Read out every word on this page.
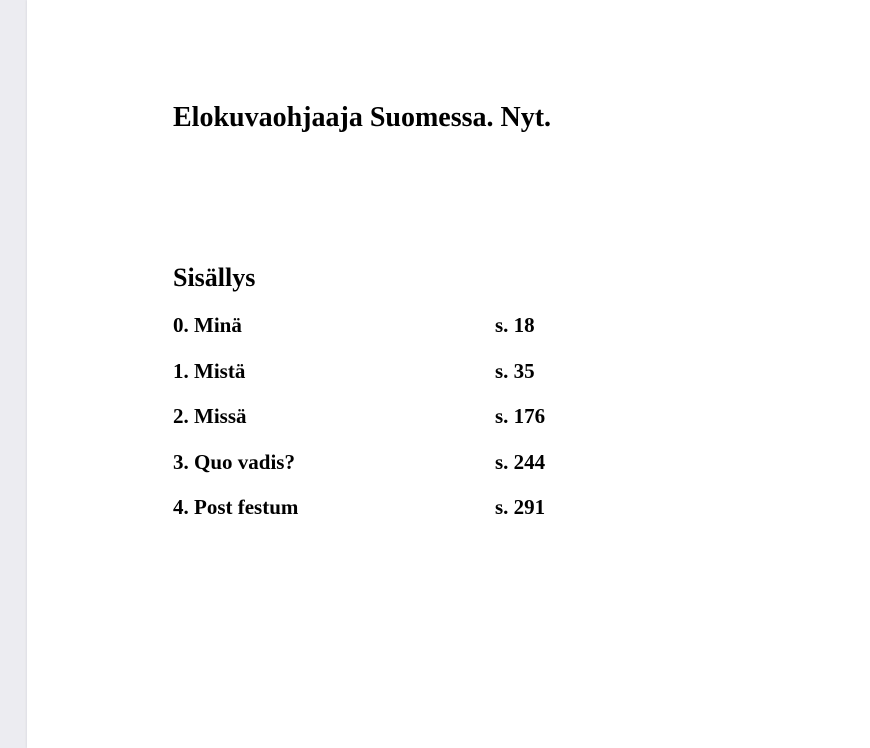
Elokuvaohjaaja Suomessa. Nyt.
Sisällys
0. Minä	s. 18
1. Mistä	s. 35
2. Missä	s. 176
3. Quo vadis?	s. 244
4. Post festum	s. 291
